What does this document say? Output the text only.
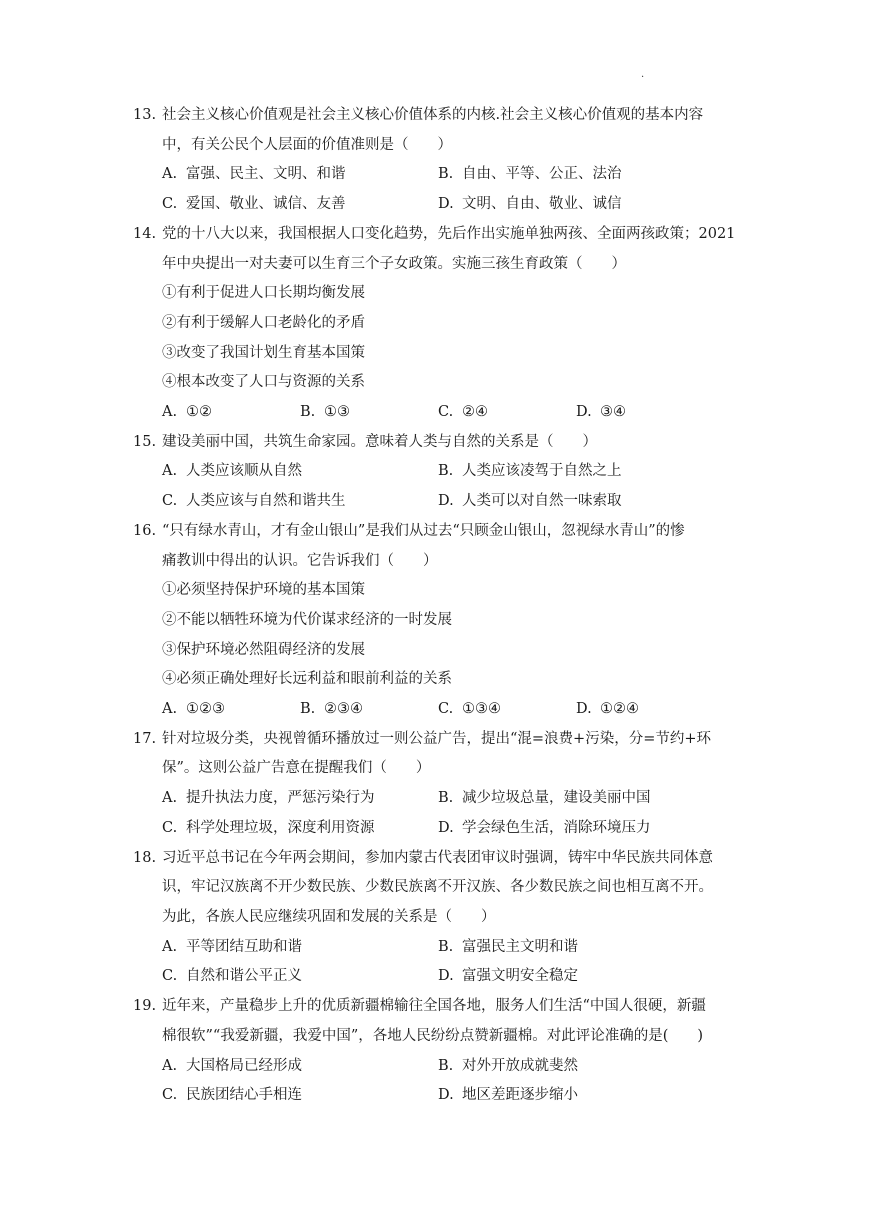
.
13. 社会主义核心价值观是社会主义核心价值体系的内核.社会主义核心价值观的基本内容
中，有关公民个人层面的价值准则是（　　）
A. 富强、民主、文明、和谐	B. 自由、平等、公正、法治
C. 爱国、敬业、诚信、友善	D. 文明、自由、敬业、诚信
14. 党的十八大以来，我国根据人口变化趋势，先后作出实施单独两孩、全面两孩政策；2021
年中央提出一对夫妻可以生育三个子女政策。实施三孩生育政策（　　）
①有利于促进人口长期均衡发展
②有利于缓解人口老龄化的矛盾
③改变了我国计划生育基本国策
④根本改变了人口与资源的关系
A. ①②	B. ①③	C. ②④	D. ③④
15. 建设美丽中国，共筑生命家园。意味着人类与自然的关系是（　　）
A. 人类应该顺从自然	B. 人类应该凌驾于自然之上
C. 人类应该与自然和谐共生	D. 人类可以对自然一味索取
16. “只有绿水青山，才有金山银山”是我们从过去“只顾金山银山，忽视绿水青山”的惨
痛教训中得出的认识。它告诉我们（　　）
①必须坚持保护环境的基本国策
②不能以牺牲环境为代价谋求经济的一时发展
③保护环境必然阻碍经济的发展
④必须正确处理好长远利益和眼前利益的关系
A. ①②③	B. ②③④	C. ①③④	D. ①②④
17. 针对垃圾分类，央视曾循环播放过一则公益广告，提出“混=浪费+污染，分=节约+环
保”。这则公益广告意在提醒我们（　　）
A. 提升执法力度，严惩污染行为	B. 减少垃圾总量，建设美丽中国
C. 科学处理垃圾，深度利用资源	D. 学会绿色生活，消除环境压力
18. 习近平总书记在今年两会期间，参加内蒙古代表团审议时强调，铸牢中华民族共同体意
识，牢记汉族离不开少数民族、少数民族离不开汉族、各少数民族之间也相互离不开。
为此，各族人民应继续巩固和发展的关系是（　　）
A. 平等团结互助和谐	B. 富强民主文明和谐
C. 自然和谐公平正义	D. 富强文明安全稳定
19. 近年来，产量稳步上升的优质新疆棉输往全国各地，服务人们生活“中国人很硬，新疆
棉很软”“我爱新疆，我爱中国”，各地人民纷纷点赞新疆棉。对此评论准确的是(　　)
A. 大国格局已经形成	B. 对外开放成就斐然
C. 民族团结心手相连	D. 地区差距逐步缩小
